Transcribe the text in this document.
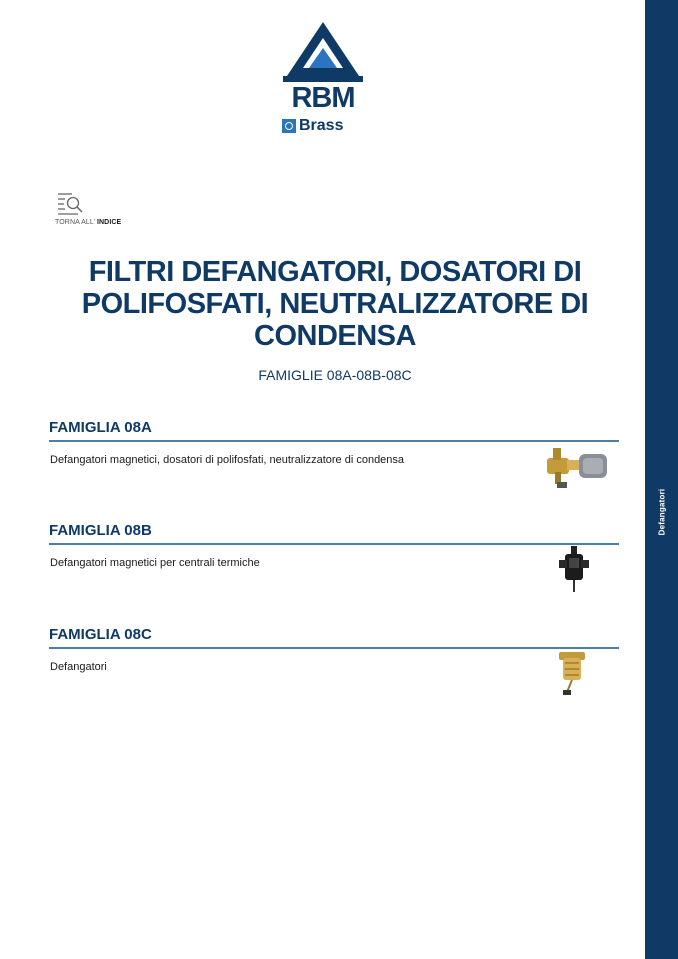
Defangatori
RBM
Brass
TORNA ALL’ INDICE
FILTRI DEFANGATORI, DOSATORI DI POLIFOSFATI, NEUTRALIZZATORE DI CONDENSA

FAMIGLIE 08A-08B-08C

FAMIGLIA 08A

Defangatori magnetici, dosatori di polifosfati, neutralizzatore di condensa

FAMIGLIA 08B

Defangatori magnetici per centrali termiche

FAMIGLIA 08C

Defangatori
